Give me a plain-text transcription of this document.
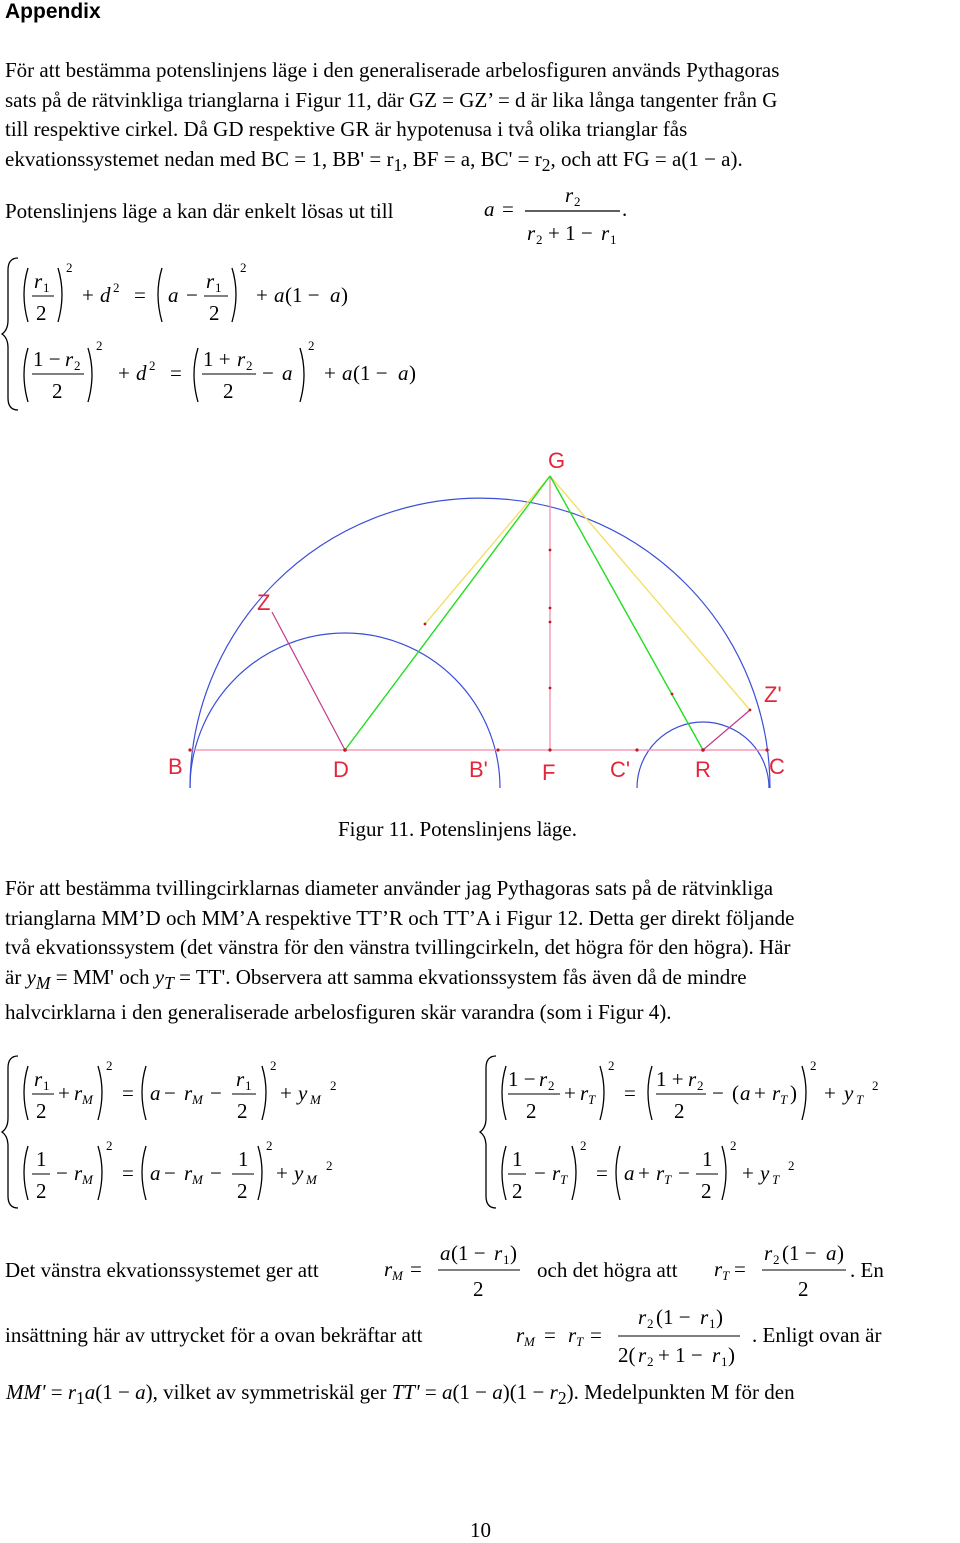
Appendix
För att bestämma potenslinjens läge i den generaliserade arbelosfiguren används Pythagoras
sats på de rätvinkliga trianglarna i Figur 11, där GZ = GZ’ = d är lika långa tangenter från G
till respektive cirkel. Då GD respektive GR är hypotenusa i två olika trianglar fås
ekvationssystemet nedan med BC = 1, $BB' = r_1$, BF = a, $BC' = r_2$, och att FG = a(1 − a).
Potenslinjens läge a kan där enkelt lösas ut till	a =
r 2
r 2 + 1 − r 1
.
r 1
2
2
+ d 2 = a −
r 1
2
2
+ a (1 − a )
1 − r 2
2
2
+ d 2 =
1 + r 2
2
− a
2
+ a (1 − a )
G
Z
Z'
B	D	B' F C'	R	C
Figur 11. Potenslinjens läge.
För att bestämma tvillingcirklarnas diameter använder jag Pythagoras sats på de rätvinkliga
trianglarna MM’D och MM’A respektive TT’R och TT’A i Figur 12. Detta ger direkt följande
två ekvationssystem (det vänstra för den vänstra tvillingcirkeln, det högra för den högra). Här
är $y_M = MM'$ och $y_T = TT'$. Observera att samma ekvationssystem fås även då de mindre
halvcirklarna i den generaliserade arbelosfiguren skär varandra (som i Figur 4).
r 1
2
+ r M
2
= a − r M −
r 1
2
2
+ y M
2
1
2
− r M
2
= a − r M −
1
2
2
+ y M
2
1 − r 2
2
+ r T
2
=
1 + r 2
2
− ( a + r T )
2
+ y T
2
1
2
− r T
2
= a + r T −
1
2
2
+ y T
2
Det vänstra ekvationssystemet ger att	r M =
a (1 − r 1 )
2
och det högra att r T =
r 2 (1 − a )
2
. En
insättning här av uttrycket för a ovan bekräftar att	r M = r T =
r 2 (1 − r 1 )
2( r 2 + 1 − r 1 )
. Enligt ovan är
$MM' = r_1a(1 - a)$, vilket av symmetriskäl ger $TT' = a(1 - a)(1 - r_2)$. Medelpunkten M för den
10
